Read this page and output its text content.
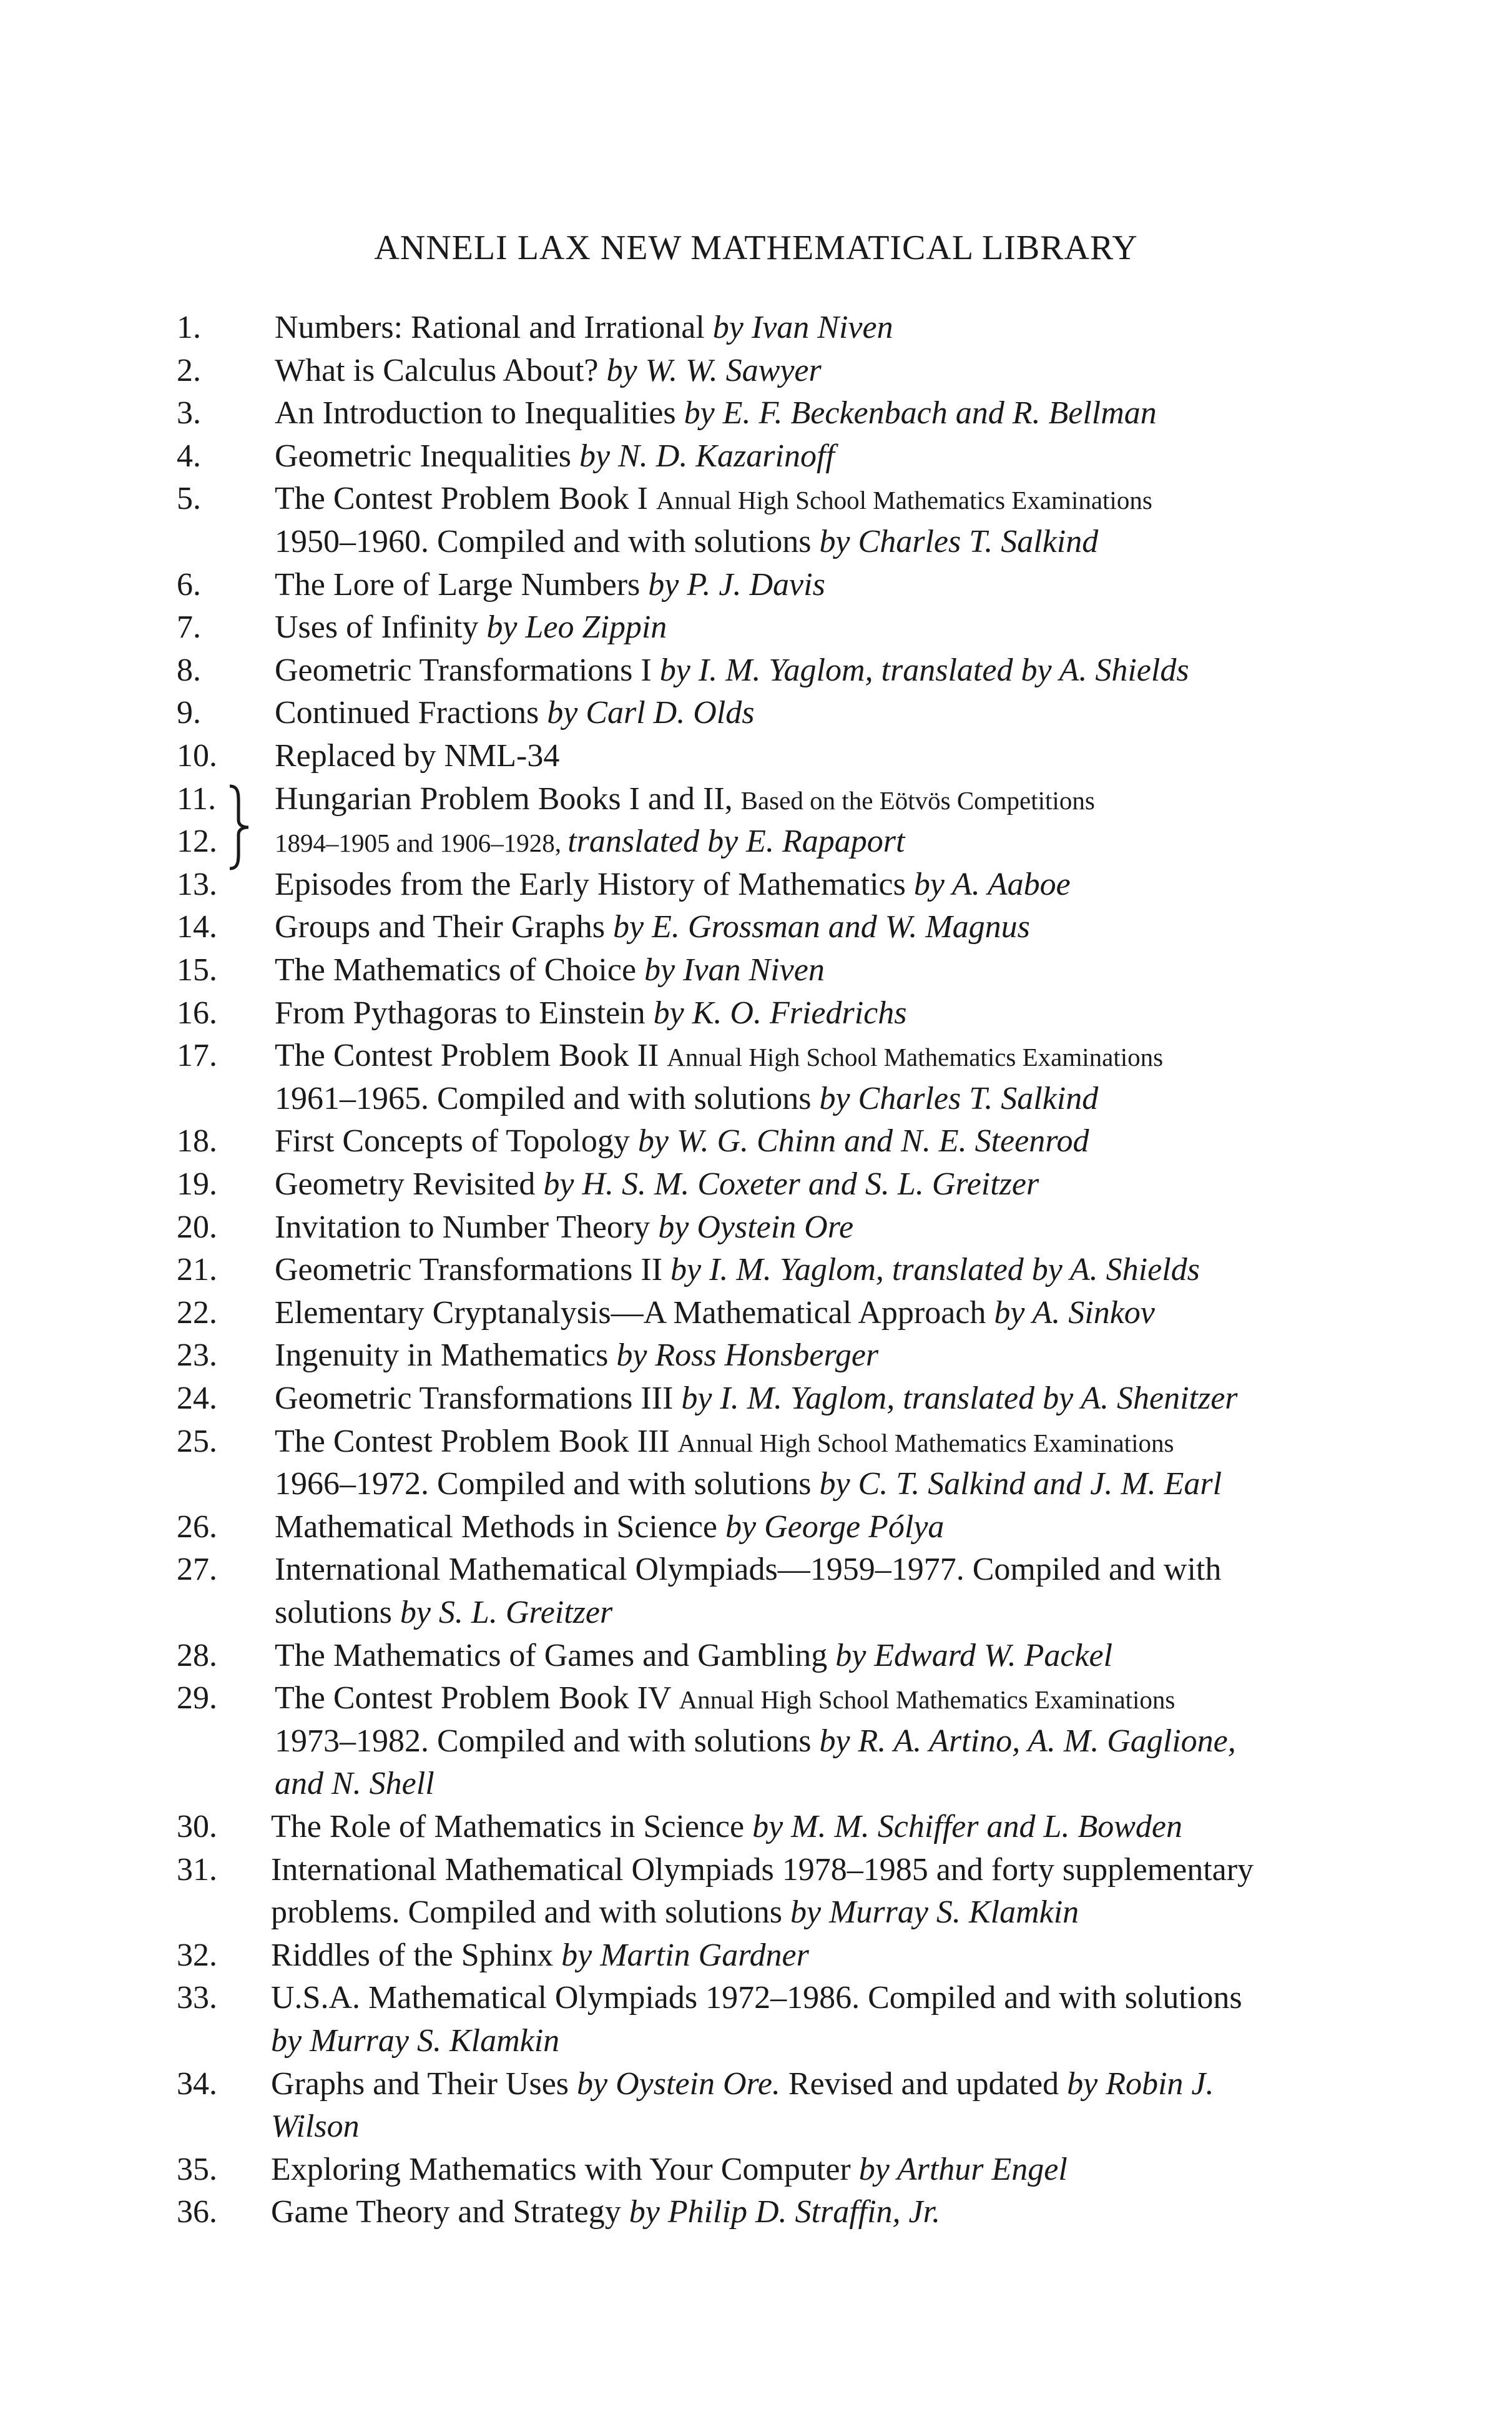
ANNELI LAX NEW MATHEMATICAL LIBRARY
1. Numbers: Rational and Irrational by Ivan Niven
2. What is Calculus About? by W. W. Sawyer
3. An Introduction to Inequalities by E. F. Beckenbach and R. Bellman
4. Geometric Inequalities by N. D. Kazarinoff
5. The Contest Problem Book I Annual High School Mathematics Examinations
1950–1960. Compiled and with solutions by Charles T. Salkind
6. The Lore of Large Numbers by P. J. Davis
7. Uses of Infinity by Leo Zippin
8. Geometric Transformations I by I. M. Yaglom, translated by A. Shields
9. Continued Fractions by Carl D. Olds
10. Replaced by NML-34
11. Hungarian Problem Books I and II, Based on the Eötvös Competitions
12. 1894–1905 and 1906–1928, translated by E. Rapaport
13. Episodes from the Early History of Mathematics by A. Aaboe
14. Groups and Their Graphs by E. Grossman and W. Magnus
15. The Mathematics of Choice by Ivan Niven
16. From Pythagoras to Einstein by K. O. Friedrichs
17. The Contest Problem Book II Annual High School Mathematics Examinations
1961–1965. Compiled and with solutions by Charles T. Salkind
18. First Concepts of Topology by W. G. Chinn and N. E. Steenrod
19. Geometry Revisited by H. S. M. Coxeter and S. L. Greitzer
20. Invitation to Number Theory by Oystein Ore
21. Geometric Transformations II by I. M. Yaglom, translated by A. Shields
22. Elementary Cryptanalysis—A Mathematical Approach by A. Sinkov
23. Ingenuity in Mathematics by Ross Honsberger
24. Geometric Transformations III by I. M. Yaglom, translated by A. Shenitzer
25. The Contest Problem Book III Annual High School Mathematics Examinations
1966–1972. Compiled and with solutions by C. T. Salkind and J. M. Earl
26. Mathematical Methods in Science by George Pólya
27. International Mathematical Olympiads—1959–1977. Compiled and with
solutions by S. L. Greitzer
28. The Mathematics of Games and Gambling by Edward W. Packel
29. The Contest Problem Book IV Annual High School Mathematics Examinations
1973–1982. Compiled and with solutions by R. A. Artino, A. M. Gaglione,
and N. Shell
30. The Role of Mathematics in Science by M. M. Schiffer and L. Bowden
31. International Mathematical Olympiads 1978–1985 and forty supplementary
problems. Compiled and with solutions by Murray S. Klamkin
32. Riddles of the Sphinx by Martin Gardner
33. U.S.A. Mathematical Olympiads 1972–1986. Compiled and with solutions
by Murray S. Klamkin
34. Graphs and Their Uses by Oystein Ore. Revised and updated by Robin J.
Wilson
35. Exploring Mathematics with Your Computer by Arthur Engel
36. Game Theory and Strategy by Philip D. Straffin, Jr.
